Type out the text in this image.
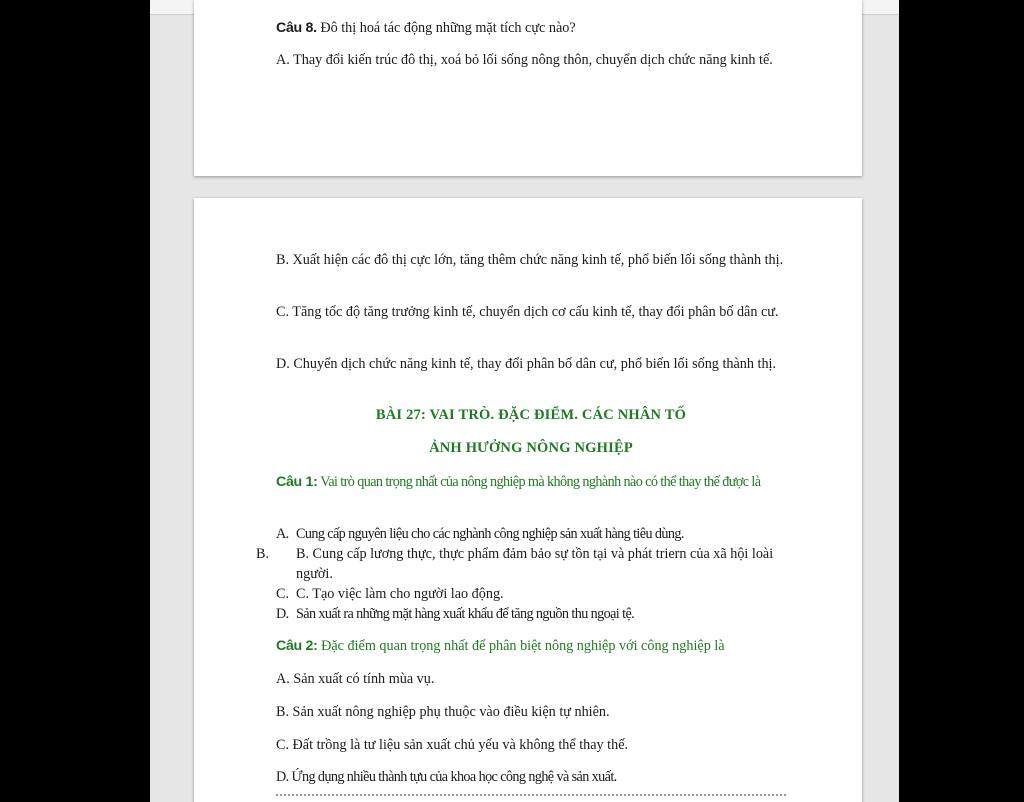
Câu 8. Đô thị hoá tác động những mặt tích cực nào?

A. Thay đổi kiến trúc đô thị, xoá bỏ lối sống nông thôn, chuyển dịch chức năng kinh tế.

B. Xuất hiện các đô thị cực lớn, tăng thêm chức năng kinh tế, phổ biến lối sống thành thị.

C. Tăng tốc độ tăng trưởng kinh tế, chuyển dịch cơ cấu kinh tế, thay đổi phân bố dân cư.

D. Chuyển dịch chức năng kinh tế, thay đổi phân bố dân cư, phổ biến lối sống thành thị.

BÀI 27: VAI TRÒ. ĐẶC ĐIỂM. CÁC NHÂN TỐ

ẢNH HƯỞNG NÔNG NGHIỆP

Câu 1: Vai trò quan trọng nhất của nông nghiệp mà không nghành nào có thể thay thế được là

A. Cung cấp nguyên liệu cho các nghành công nghiệp sản xuất hàng tiêu dùng.

B. B. Cung cấp lương thực, thực phẩm đảm bảo sự tồn tại và phát triern của xã hội loài người.

C. C. Tạo việc làm cho người lao động.

D. Sản xuất ra những mặt hàng xuất khẩu để tăng nguồn thu ngoại tệ.

Câu 2: Đặc điểm quan trọng nhất để phân biệt nông nghiệp với công nghiệp là

A. Sản xuất có tính mùa vụ.

B. Sản xuất nông nghiệp phụ thuộc vào điều kiện tự nhiên.

C. Đất trồng là tư liệu sản xuất chủ yếu và không thể thay thế.

D. Ứng dụng nhiều thành tựu của khoa học công nghệ và sản xuất.
